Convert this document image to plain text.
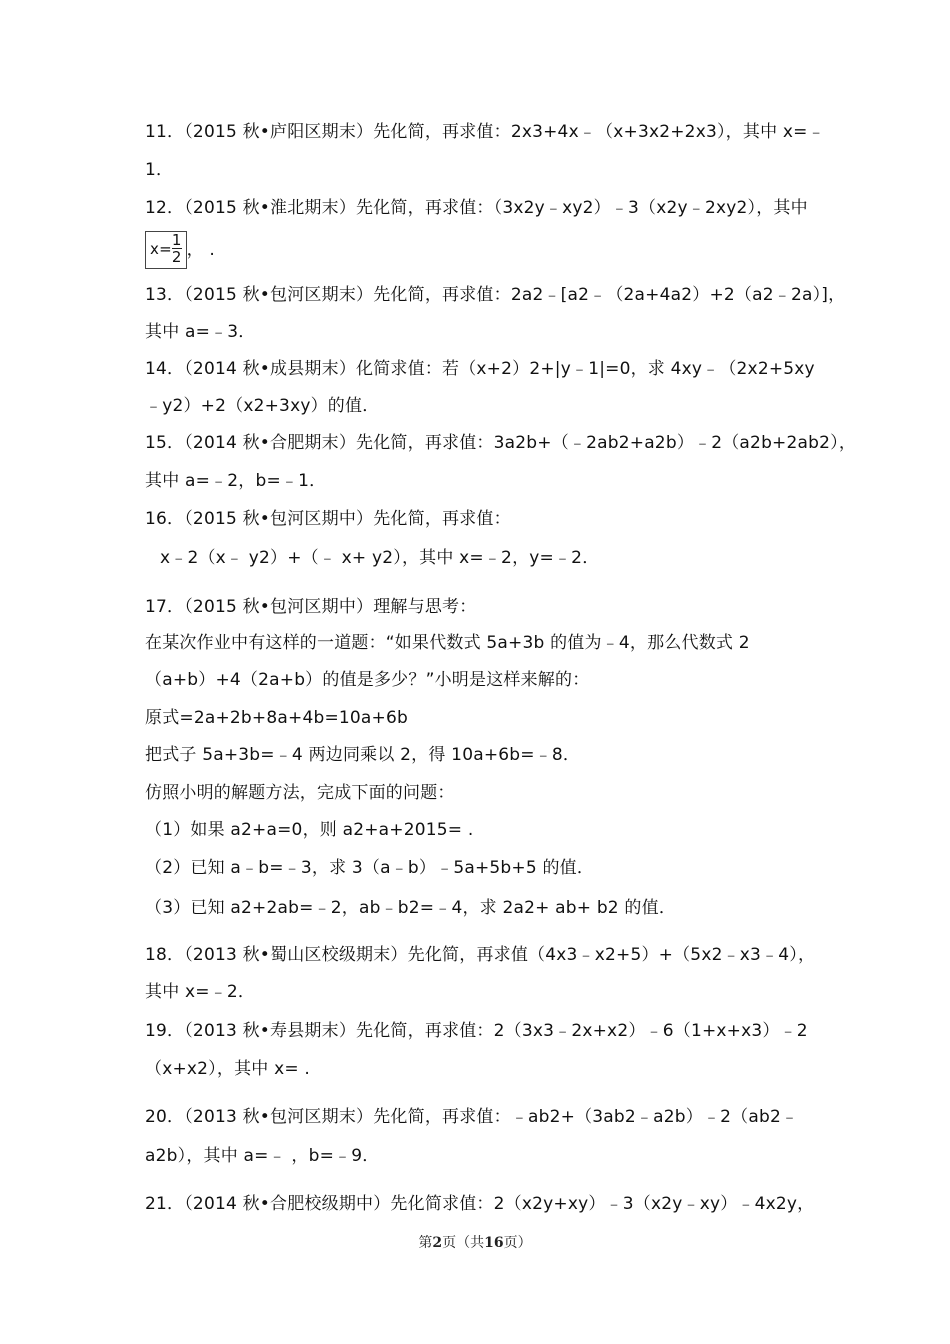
11．（2015 秋•庐阳区期末）先化简，再求值：2x3+4x﹣（x+3x2+2x3），其中 x=﹣
1．
12．（2015 秋•淮北期末）先化简，再求值：（3x2y﹣xy2）﹣3（x2y﹣2xy2），其中
$x= \frac{1}{2}$ ， .
13．（2015 秋•包河区期末）先化简，再求值：2a2﹣[a2﹣（2a+4a2）+2（a2﹣2a）]，
其中 a=﹣3．
14．（2014 秋•成县期末）化简求值：若（x+2）2+|y﹣1|=0，求 4xy﹣（2x2+5xy
﹣y2）+2（x2+3xy）的值．
15．（2014 秋•合肥期末）先化简，再求值：3a2b+（﹣2ab2+a2b）﹣2（a2b+2ab2），
其中 a=﹣2，b=﹣1．
16．（2015 秋•包河区期中）先化简，再求值：
x﹣2（x﹣ y2）+（﹣ x+ y2），其中 x=﹣2，y=﹣2．
17．（2015 秋•包河区期中）理解与思考：
在某次作业中有这样的一道题：“如果代数式 5a+3b 的值为﹣4，那么代数式 2
（a+b）+4（2a+b）的值是多少？”小明是这样来解的：
原式=2a+2b+8a+4b=10a+6b
把式子 5a+3b=﹣4 两边同乘以 2，得 10a+6b=﹣8．
仿照小明的解题方法，完成下面的问题：
（1）如果 a2+a=0，则 a2+a+2015= .
（2）已知 a﹣b=﹣3，求 3（a﹣b）﹣5a+5b+5 的值．
（3）已知 a2+2ab=﹣2，ab﹣b2=﹣4，求 2a2+ ab+ b2 的值．
18．（2013 秋•蜀山区校级期末）先化简，再求值（4x3﹣x2+5）+（5x2﹣x3﹣4），
其中 x=﹣2．
19．（2013 秋•寿县期末）先化简，再求值：2（3x3﹣2x+x2）﹣6（1+x+x3）﹣2
（x+x2），其中 x= .
20．（2013 秋•包河区期末）先化简，再求值：﹣ab2+（3ab2﹣a2b）﹣2（ab2﹣
a2b），其中 a=﹣ ，b=﹣9．
21．（2014 秋•合肥校级期中）先化简求值：2（x2y+xy）﹣3（x2y﹣xy）﹣4x2y，
第2页（共16页）
